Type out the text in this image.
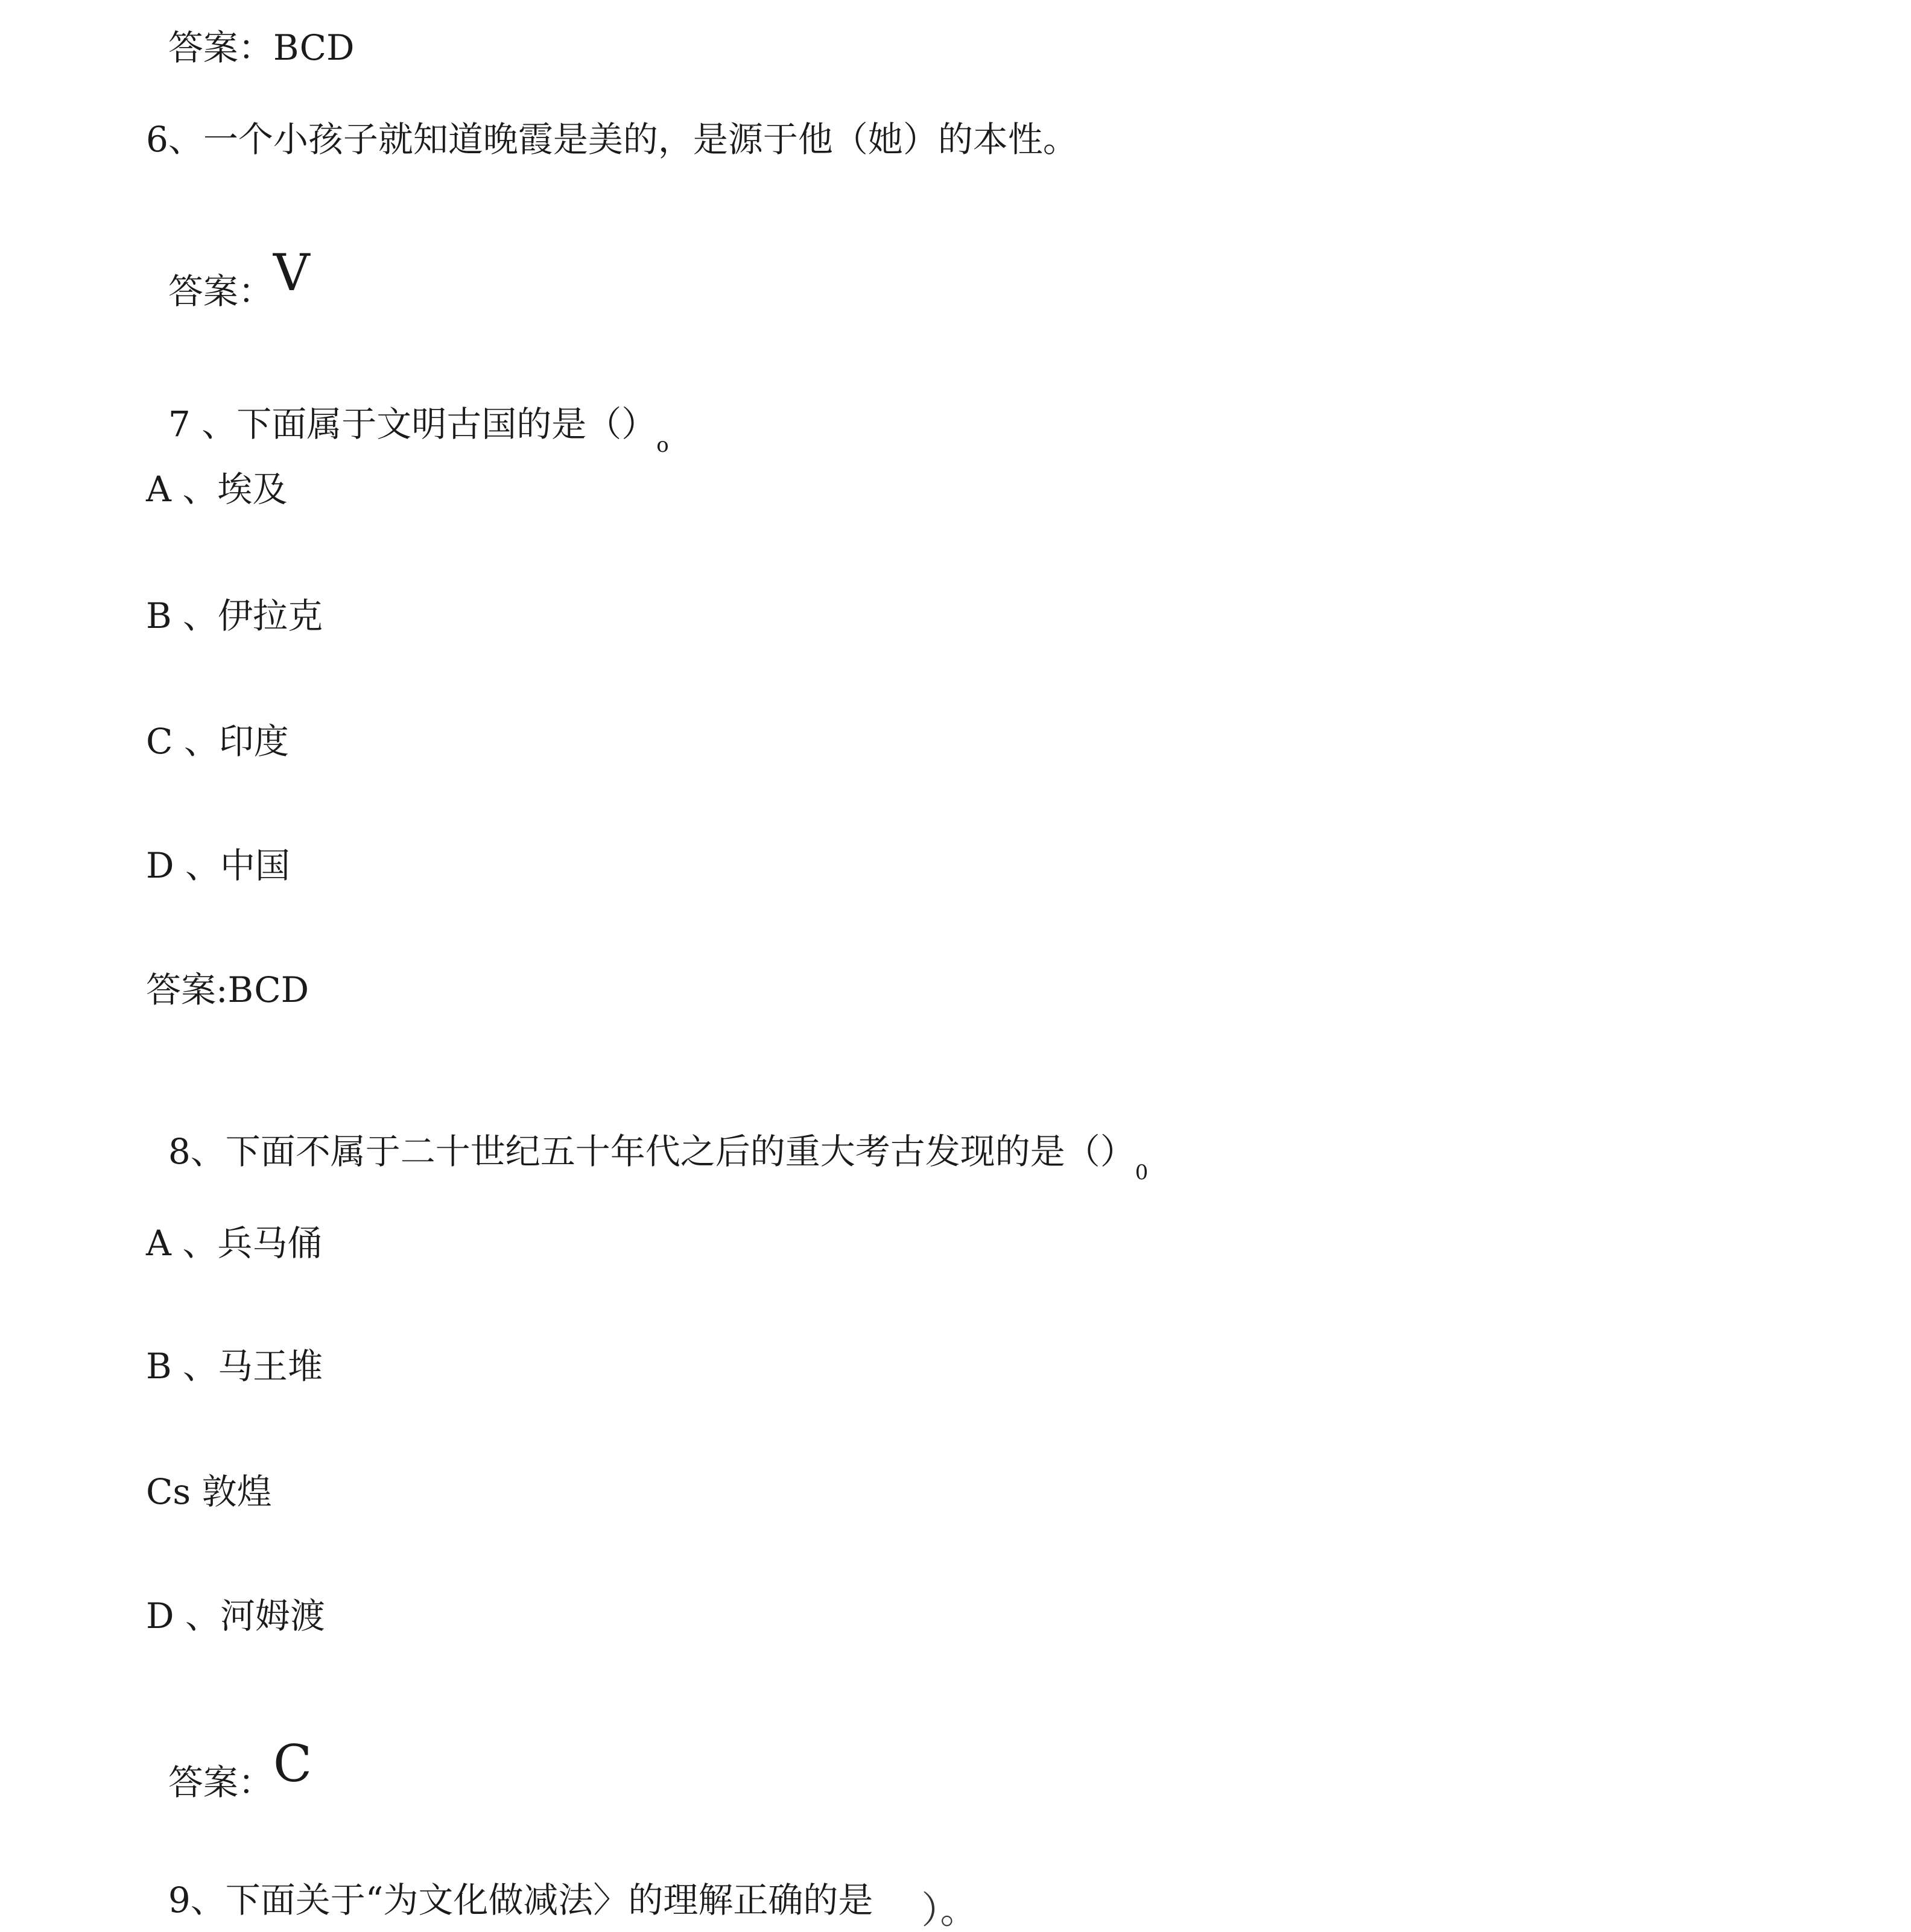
答案：BCD

6、一个小孩子就知道晚霞是美的，是源于他（她）的本性。

答案：V

7 、下面属于文明古国的是（）o

A 、埃及
B 、伊拉克
C 、印度
D 、中国
答案:BCD

8、下面不属于二十世纪五十年代之后的重大考古发现的是（）0

A 、兵马俑
B 、马王堆
Cs 敦煌
D 、河姆渡

答案：C

9、下面关于“为文化做减法〉的理解正确的是 ）。
